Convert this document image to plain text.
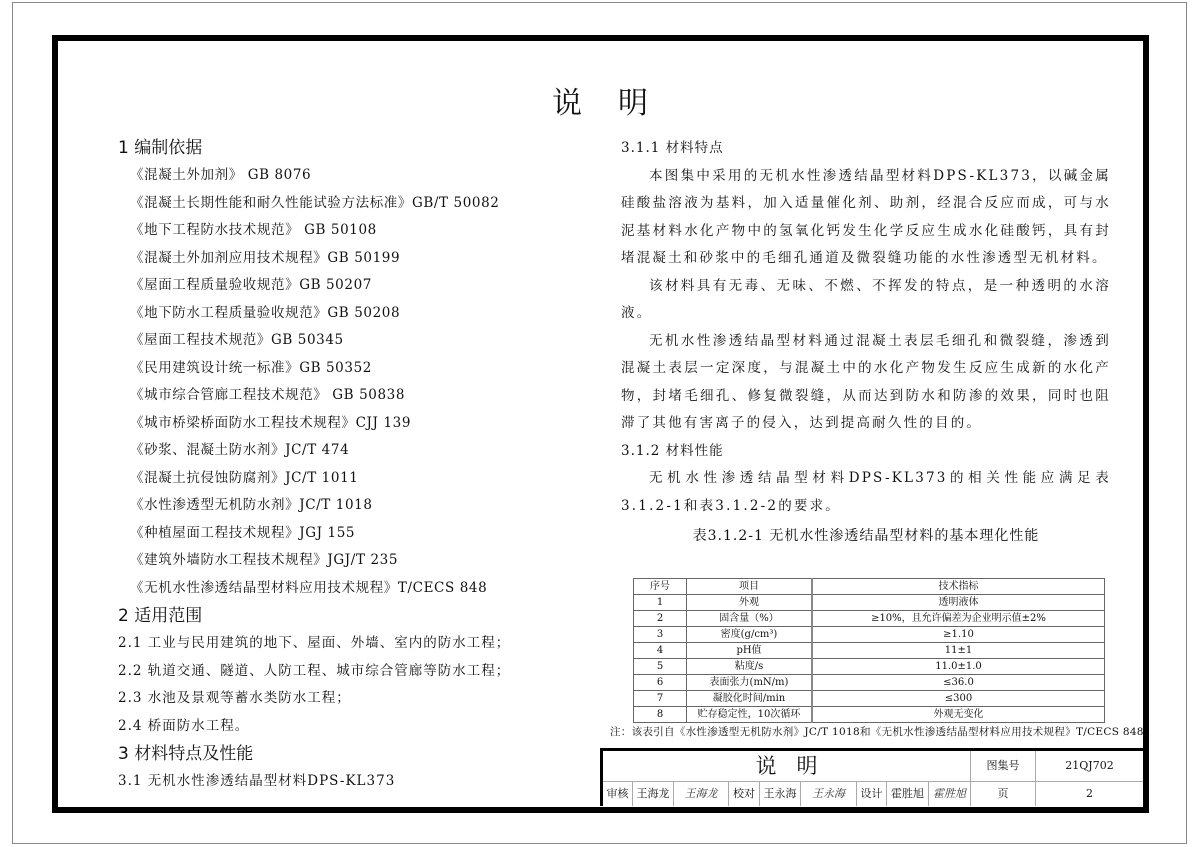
说明
1 编制依据
《混凝土外加剂》 GB 8076
《混凝土长期性能和耐久性能试验方法标准》GB/T 50082
《地下工程防水技术规范》 GB 50108
《混凝土外加剂应用技术规程》GB 50199
《屋面工程质量验收规范》GB 50207
《地下防水工程质量验收规范》GB 50208
《屋面工程技术规范》GB 50345
《民用建筑设计统一标准》GB 50352
《城市综合管廊工程技术规范》 GB 50838
《城市桥梁桥面防水工程技术规程》CJJ 139
《砂浆、混凝土防水剂》JC/T 474
《混凝土抗侵蚀防腐剂》JC/T 1011
《水性渗透型无机防水剂》JC/T 1018
《种植屋面工程技术规程》JGJ 155
《建筑外墙防水工程技术规程》JGJ/T 235
《无机水性渗透结晶型材料应用技术规程》T/CECS 848
2 适用范围
2.1 工业与民用建筑的地下、屋面、外墙、室内的防水工程；
2.2 轨道交通、隧道、人防工程、城市综合管廊等防水工程；
2.3 水池及景观等蓄水类防水工程；
2.4 桥面防水工程。
3 材料特点及性能
3.1 无机水性渗透结晶型材料DPS-KL373
3.1.1 材料特点
本图集中采用的无机水性渗透结晶型材料DPS-KL373，以碱金属硅酸盐溶液为基料，加入适量催化剂、助剂，经混合反应而成，可与水泥基材料水化产物中的氢氧化钙发生化学反应生成水化硅酸钙，具有封堵混凝土和砂浆中的毛细孔通道及微裂缝功能的水性渗透型无机材料。
该材料具有无毒、无味、不燃、不挥发的特点，是一种透明的水溶液。
无机水性渗透结晶型材料通过混凝土表层毛细孔和微裂缝，渗透到混凝土表层一定深度，与混凝土中的水化产物发生反应生成新的水化产物，封堵毛细孔、修复微裂缝，从而达到防水和防渗的效果，同时也阻滞了其他有害离子的侵入，达到提高耐久性的目的。
3.1.2 材料性能
无机水性渗透结晶型材料DPS-KL373的相关性能应满足表3.1.2-1和表3.1.2-2的要求。
表3.1.2-1 无机水性渗透结晶型材料的基本理化性能
序号	项目	技术指标
1	外观	透明液体
2	固含量（%）	≥10%，且允许偏差为企业明示值±2%
3	密度(g/cm³)	≥1.10
4	pH值	11±1
5	粘度/s	11.0±1.0
6	表面张力(mN/m)	≤36.0
7	凝胶化时间/min	≤300
8	贮存稳定性，10次循环	外观无变化
注：该表引自《水性渗透型无机防水剂》JC/T 1018和《无机水性渗透结晶型材料应用技术规程》T/CECS 848。
说明	图集号	21QJ702
审核 王海龙	王海龙	校对 王永海	王永海	设计 霍胜旭 霍胜旭	页	2
